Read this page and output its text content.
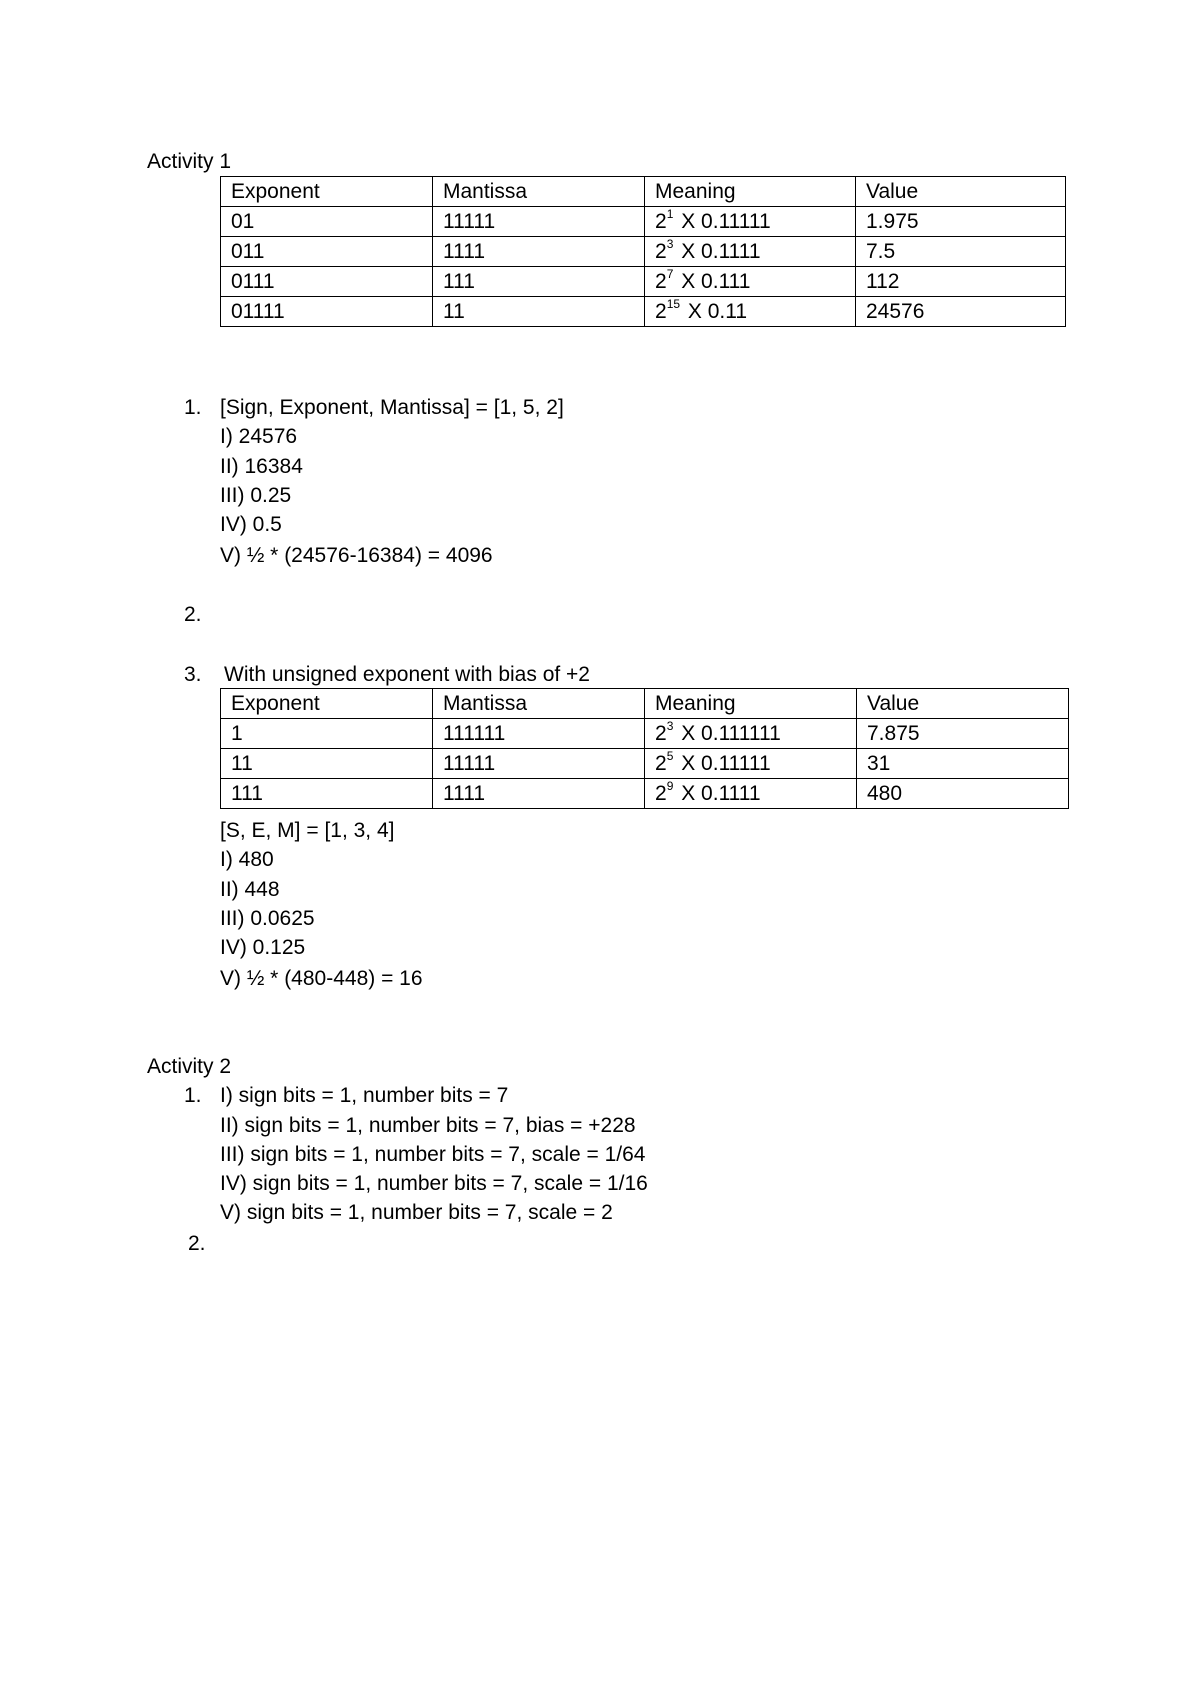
Activity 1
Exponent	Mantissa	Meaning	Value
01	11111	$2^1$ X 0.11111	1.975
011	1111	$2^3$ X 0.1111	7.5
0111	111	$2^7$ X 0.111	112
01111	11	$2^{15}$ X 0.11	24576
1. [Sign, Exponent, Mantissa] = [1, 5, 2]
I) 24576
II) 16384
III) 0.25
IV) 0.5
V) ½ * (24576-16384) = 4096
2.
3. With unsigned exponent with bias of +2
Exponent	Mantissa	Meaning	Value
1	111111	$2^3$ X 0.111111	7.875
11	11111	$2^5$ X 0.11111	31
111	1111	$2^9$ X 0.1111	480
[S, E, M] = [1, 3, 4]
I) 480
II) 448
III) 0.0625
IV) 0.125
V) ½ * (480-448) = 16
Activity 2
1. I) sign bits = 1, number bits = 7
II) sign bits = 1, number bits = 7, bias = +228
III) sign bits = 1, number bits = 7, scale = 1/64
IV) sign bits = 1, number bits = 7, scale = 1/16
V) sign bits = 1, number bits = 7, scale = 2
2.
